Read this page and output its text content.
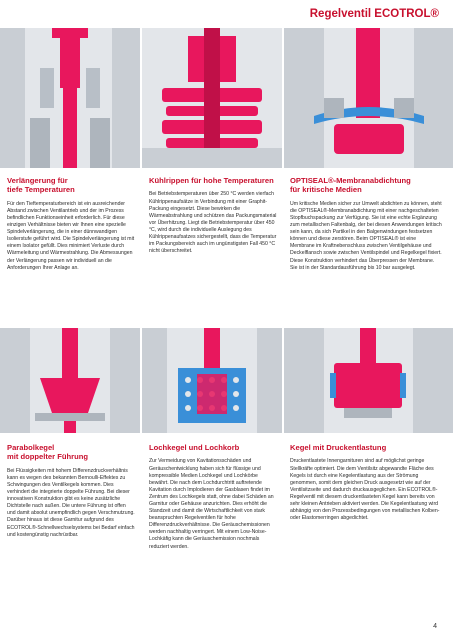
Regelventil ECOTROL®
Verlängerung für
tiefe Temperaturen

Für den Tieftemperaturbereich ist ein ausreichender Abstand zwischen Ventilantrieb und der im Prozess befindlichen Funktionseinheit erforderlich. Für diese einzigen Verhältnisse bieten wir Ihnen eine spezielle Spindelverlängerung, die in einer dünnwandigen Isolierstufe geführt wird. Die Spindelverlängerung ist mit einem Isolator gefüllt. Dies minimiert Verluste durch Wärmeleitung und Wärmestrahlung. Die Abmessungen der Verlängerung passen wir individuell an die Anforderungen Ihrer Anlage an.

Kühlrippen für hohe Temperaturen

Bei Betriebstemperaturen über 250 °C werden vierfach Kühlrippenaufsätze in Verbindung mit einer Graphit-Packung eingesetzt. Diese bewirken die Wärmeabstrahlung und schützen das Packungsmaterial vor Überhitzung. Liegt die Betriebstemperatur über 450 °C, wird durch die individuelle Auslegung des Kühlrippenaufsatzes sichergestellt, dass die Temperatur im Packungsbereich auch im ungünstigsten Fall 450 °C nicht überschreitet.

OPTISEAL®-Membranabdichtung
für kritische Medien

Um kritische Medien sicher zur Umwelt abdichten zu können, steht die OPTISEAL®-Membranabdichtung mit einer nachgeschalteten Stopfbuchspackung zur Verfügung. Sie ist eine echte Ergänzung zum metallischen Faltenbalg, der bei diesen Anwendungen kritisch sein kann, da sich Partikel in den Balgenwindungen festsetzen können und diese zerstören. Beim OPTISEAL® ist eine Membrane im Kraftnebenschluss zwischen Ventilgehäuse und Deckelflansch sowie zwischen Ventilspindel und Regelkegel fixiert. Diese Konstruktion verhindert das Überpressen der Membrane. Sie ist in der Standardausführung bis 10 bar ausgelegt.

Parabolkegel
mit doppelter Führung

Bei Flüssigkeiten mit hohem Differenzdruckverhältnis kann es wegen des bekannten Bernoulli-Effektes zu Schwingungen des Ventilkegels kommen. Dies verhindert die integrierte doppelte Führung. Bei dieser innovativen Konstruktion gibt es keine zusätzliche Dichtstelle nach außen. Die untere Führung ist offen und damit absolut unempfindlich gegen Verschmutzung. Darüber hinaus ist diese Garnitur aufgrund des ECOTROL®-Schnellwechselsystems bei Bedarf einfach und kostengünstig nachrüstbar.

Lochkegel und Lochkorb

Zur Vermeidung von Kavitationsschäden und Geräuschentwicklung haben sich für flüssige und kompressible Medien Lochkegel und Lochkörbe bewährt. Die nach dem Lochdurchtritt auftretende Kavitation durch Implodieren der Gasblasen findet im Zentrum des Lochkegels statt, ohne dabei Schäden an Garnitur oder Gehäuse anzurichten. Dies erhöht die Standzeit und damit die Wirtschaftlichkeit von stark beanspruchten Regelventilen für hohe Differenzdruckverhältnisse. Die Geräuschemissionen werden nachhaltig verringert. Mit einem Low-Noise-Lochkäfig kann die Geräuschemission nochmals reduziert werden.

Kegel mit Druckentlastung

Druckentlastete Innengarnituren sind auf möglichst geringe Stellkräfte optimiert. Die dem Ventilsitz abgewandte Fläche des Kegels ist durch eine Kegelentlastung aus der Strömung genommen, somit dem gleichen Druck ausgesetzt wie auf der Ventilsitzseite und dadurch druckausgeglichen. Ein ECOTROL®-Regelventil mit diesem druckentlasteten Kegel kann bereits von sehr kleinen Antrieben aktiviert werden. Die Kegelentlastung wird abhängig von den Prozessbedingungen von metallischen Kolben- oder Elastomerringen abgedichtet.

4
